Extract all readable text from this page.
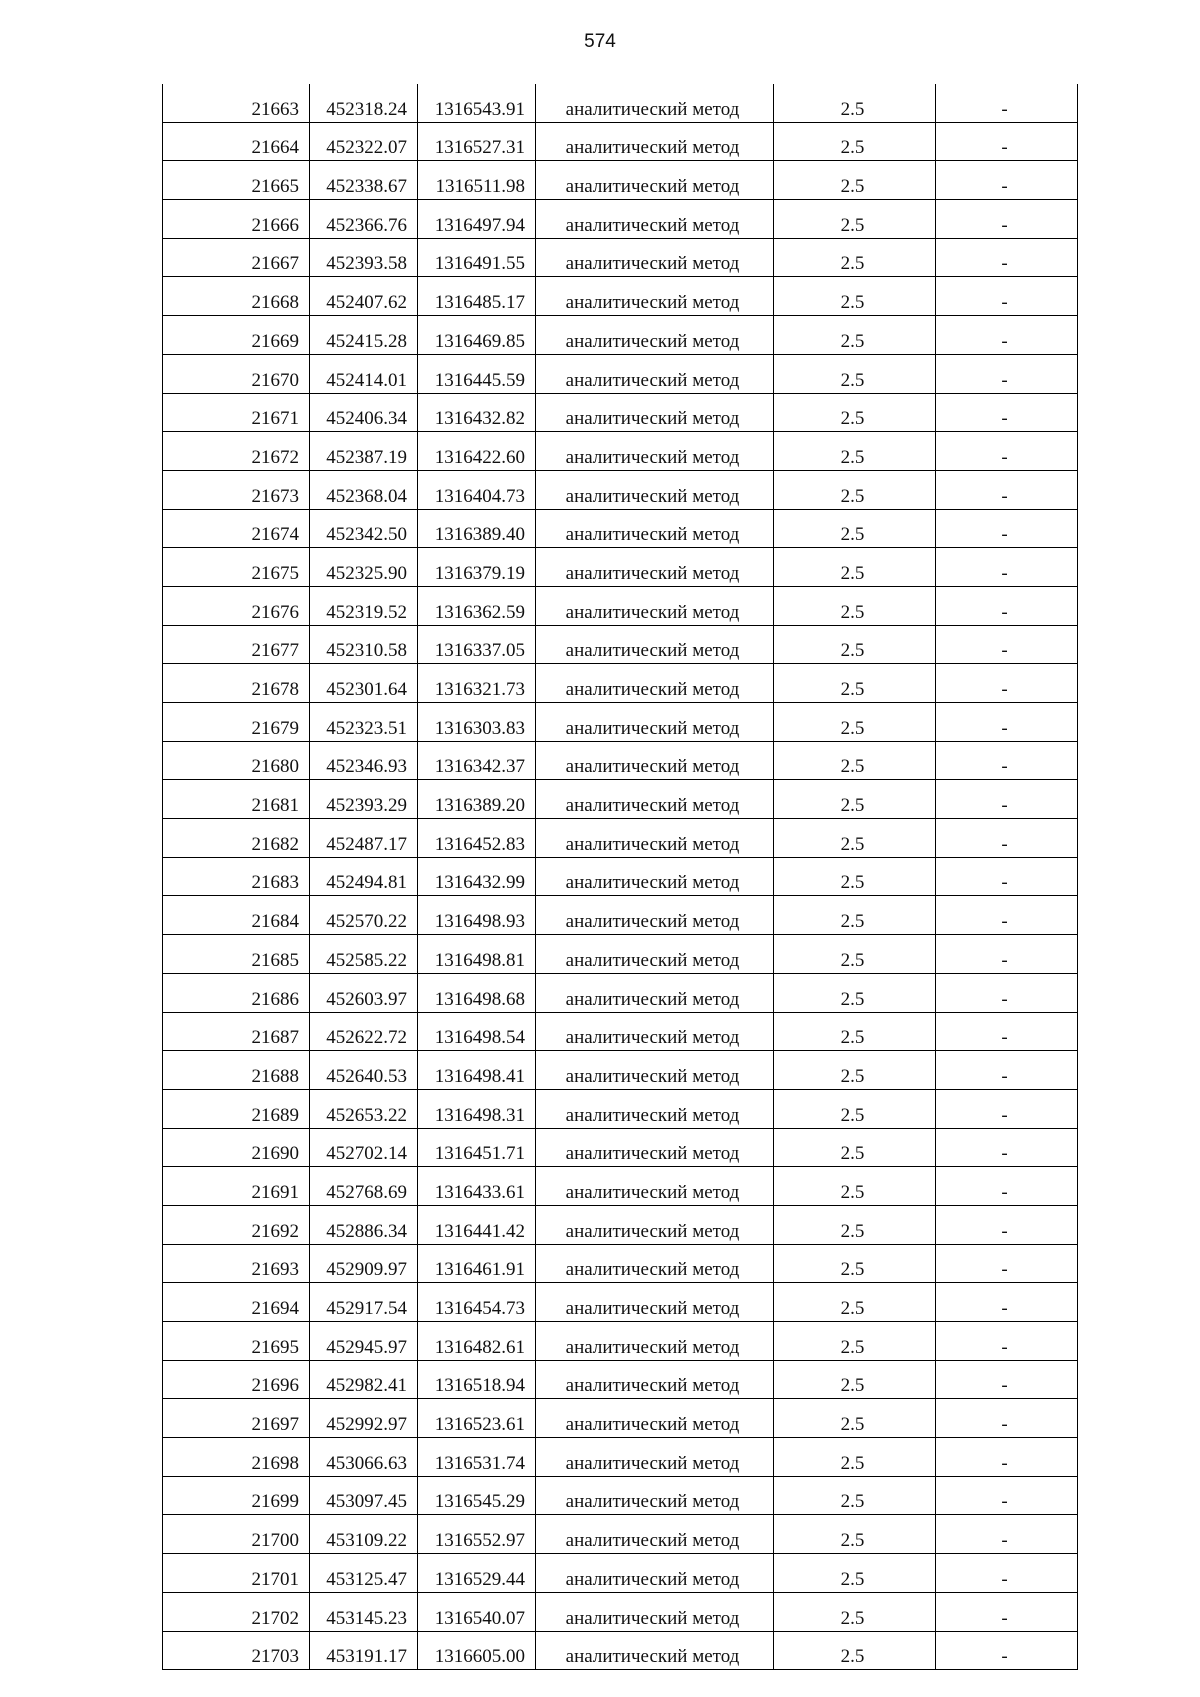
574
21663	452318.24	1316543.91	аналитический метод	2.5	-
21664	452322.07	1316527.31	аналитический метод	2.5	-
21665	452338.67	1316511.98	аналитический метод	2.5	-
21666	452366.76	1316497.94	аналитический метод	2.5	-
21667	452393.58	1316491.55	аналитический метод	2.5	-
21668	452407.62	1316485.17	аналитический метод	2.5	-
21669	452415.28	1316469.85	аналитический метод	2.5	-
21670	452414.01	1316445.59	аналитический метод	2.5	-
21671	452406.34	1316432.82	аналитический метод	2.5	-
21672	452387.19	1316422.60	аналитический метод	2.5	-
21673	452368.04	1316404.73	аналитический метод	2.5	-
21674	452342.50	1316389.40	аналитический метод	2.5	-
21675	452325.90	1316379.19	аналитический метод	2.5	-
21676	452319.52	1316362.59	аналитический метод	2.5	-
21677	452310.58	1316337.05	аналитический метод	2.5	-
21678	452301.64	1316321.73	аналитический метод	2.5	-
21679	452323.51	1316303.83	аналитический метод	2.5	-
21680	452346.93	1316342.37	аналитический метод	2.5	-
21681	452393.29	1316389.20	аналитический метод	2.5	-
21682	452487.17	1316452.83	аналитический метод	2.5	-
21683	452494.81	1316432.99	аналитический метод	2.5	-
21684	452570.22	1316498.93	аналитический метод	2.5	-
21685	452585.22	1316498.81	аналитический метод	2.5	-
21686	452603.97	1316498.68	аналитический метод	2.5	-
21687	452622.72	1316498.54	аналитический метод	2.5	-
21688	452640.53	1316498.41	аналитический метод	2.5	-
21689	452653.22	1316498.31	аналитический метод	2.5	-
21690	452702.14	1316451.71	аналитический метод	2.5	-
21691	452768.69	1316433.61	аналитический метод	2.5	-
21692	452886.34	1316441.42	аналитический метод	2.5	-
21693	452909.97	1316461.91	аналитический метод	2.5	-
21694	452917.54	1316454.73	аналитический метод	2.5	-
21695	452945.97	1316482.61	аналитический метод	2.5	-
21696	452982.41	1316518.94	аналитический метод	2.5	-
21697	452992.97	1316523.61	аналитический метод	2.5	-
21698	453066.63	1316531.74	аналитический метод	2.5	-
21699	453097.45	1316545.29	аналитический метод	2.5	-
21700	453109.22	1316552.97	аналитический метод	2.5	-
21701	453125.47	1316529.44	аналитический метод	2.5	-
21702	453145.23	1316540.07	аналитический метод	2.5	-
21703	453191.17	1316605.00	аналитический метод	2.5	-
